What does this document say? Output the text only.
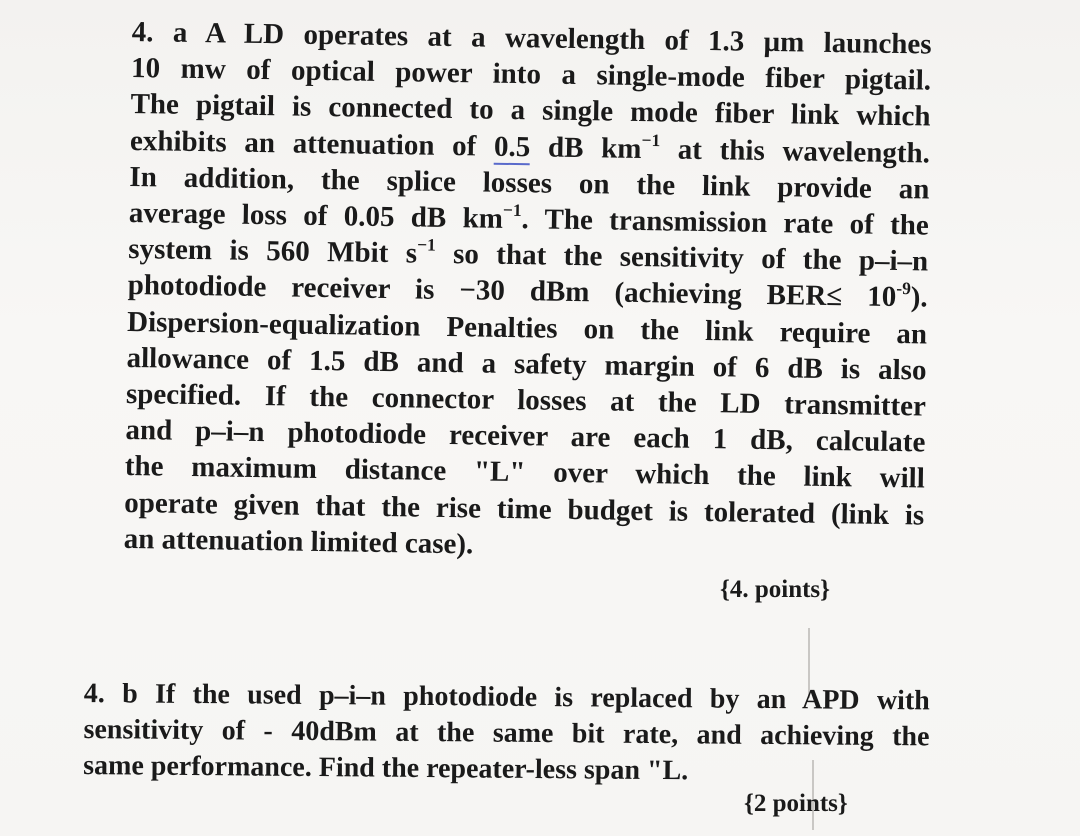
4. a A LD operates at a wavelength of 1.3 μm launches
10 mw of optical power into a single-mode fiber pigtail.
The pigtail is connected to a single mode fiber link which
exhibits an attenuation of 0.5 dB $km^{-1}$ at this wavelength.
In addition, the splice losses on the link provide an
average loss of 0.05 dB $km^{-1}$. The transmission rate of the
system is 560 Mbit $s^{-1}$ so that the sensitivity of the p–i–n
photodiode receiver is −30 dBm (achieving $BER\le 10^{-9}$).
Dispersion-equalization Penalties on the link require an
allowance of 1.5 dB and a safety margin of 6 dB is also
specified. If the connector losses at the LD transmitter
and p–i–n photodiode receiver are each 1 dB, calculate
the maximum distance "L" over which the link will
operate given that the rise time budget is tolerated (link is
an attenuation limited case).
{4. points}
4. b If the used p–i–n photodiode is replaced by an APD with
sensitivity of - 40dBm at the same bit rate, and achieving the
same performance. Find the repeater-less span "L.
{2 points}
